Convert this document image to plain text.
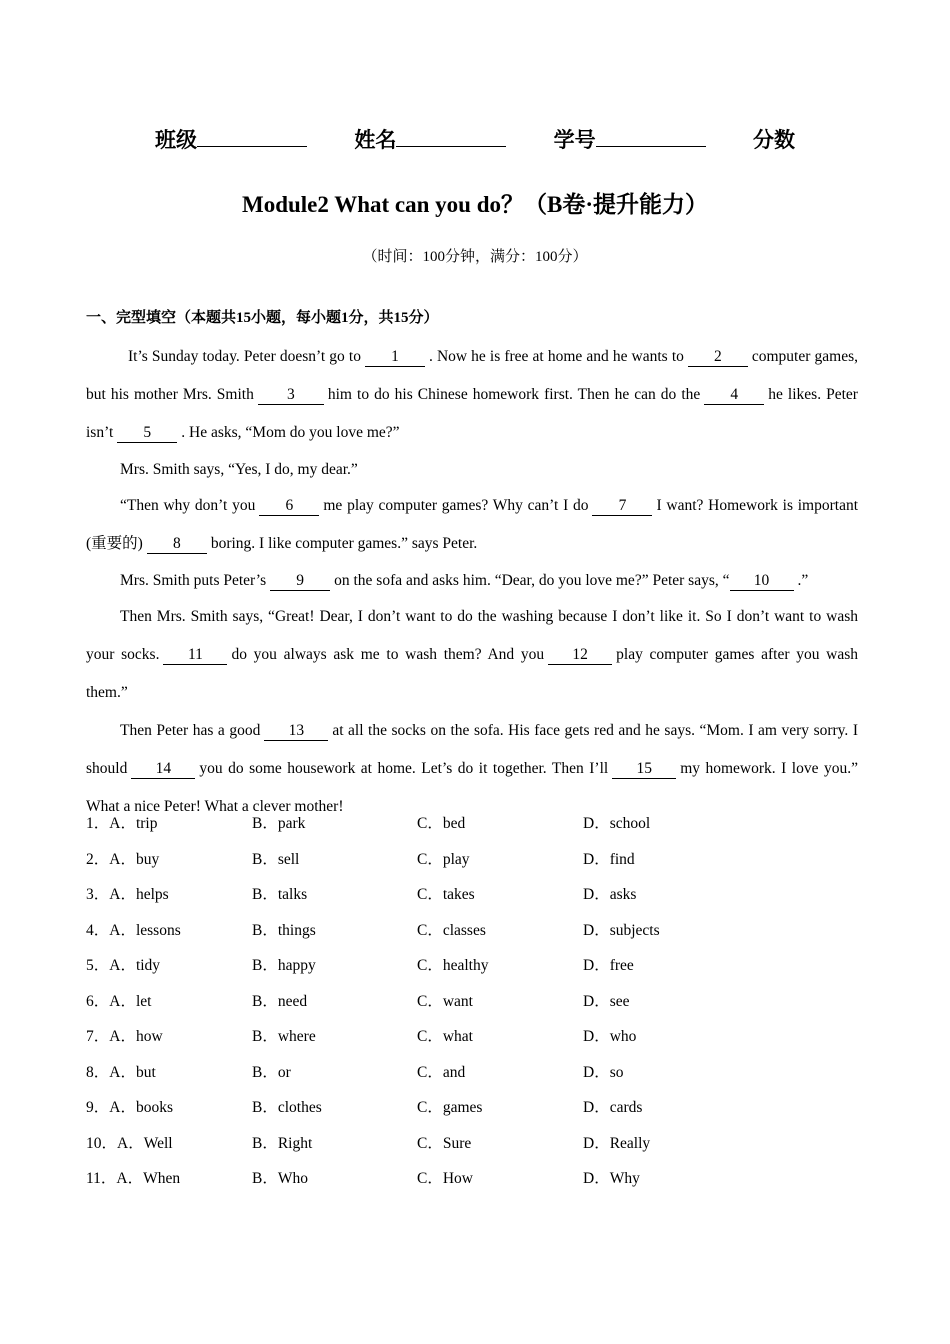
班级	姓名	学号	分数
Module2 What can you do？（B卷·提升能力）
（时间：100分钟，满分：100分）
一、完型填空（本题共15小题，每小题1分，共15分）

It’s Sunday today. Peter doesn’t go to 1 . Now he is free at home and he wants to 2 computer games, but his mother Mrs. Smith 3 him to do his Chinese homework first. Then he can do the 4 he likes. Peter isn’t 5 . He asks, “Mom do you love me?”

Mrs. Smith says, “Yes, I do, my dear.”

“Then why don’t you 6 me play computer games? Why can’t I do 7 I want? Homework is important (重要的) 8 boring. I like computer games.” says Peter.

Mrs. Smith puts Peter’s 9 on the sofa and asks him. “Dear, do you love me?” Peter says, “ 10 .”

Then Mrs. Smith says, “Great! Dear, I don’t want to do the washing because I don’t like it. So I don’t want to wash your socks. 11 do you always ask me to wash them? And you 12 play computer games after you wash them.”

Then Peter has a good 13 at all the socks on the sofa. His face gets red and he says. “Mom. I am very sorry. I should 14 you do some housework at home. Let’s do it together. Then I’ll 15 my homework. I love you.” What a nice Peter! What a clever mother!

1．A．trip	B．park	C．bed	D．school
2．A．buy	B．sell	C．play	D．find
3．A．helps	B．talks	C．takes	D．asks
4．A．lessons	B．things	C．classes	D．subjects
5．A．tidy	B．happy	C．healthy	D．free
6．A．let	B．need	C．want	D．see
7．A．how	B．where	C．what	D．who
8．A．but	B．or	C．and	D．so
9．A．books	B．clothes	C．games	D．cards
10．A．Well	B．Right	C．Sure	D．Really
11．A．When	B．Who	C．How	D．Why
